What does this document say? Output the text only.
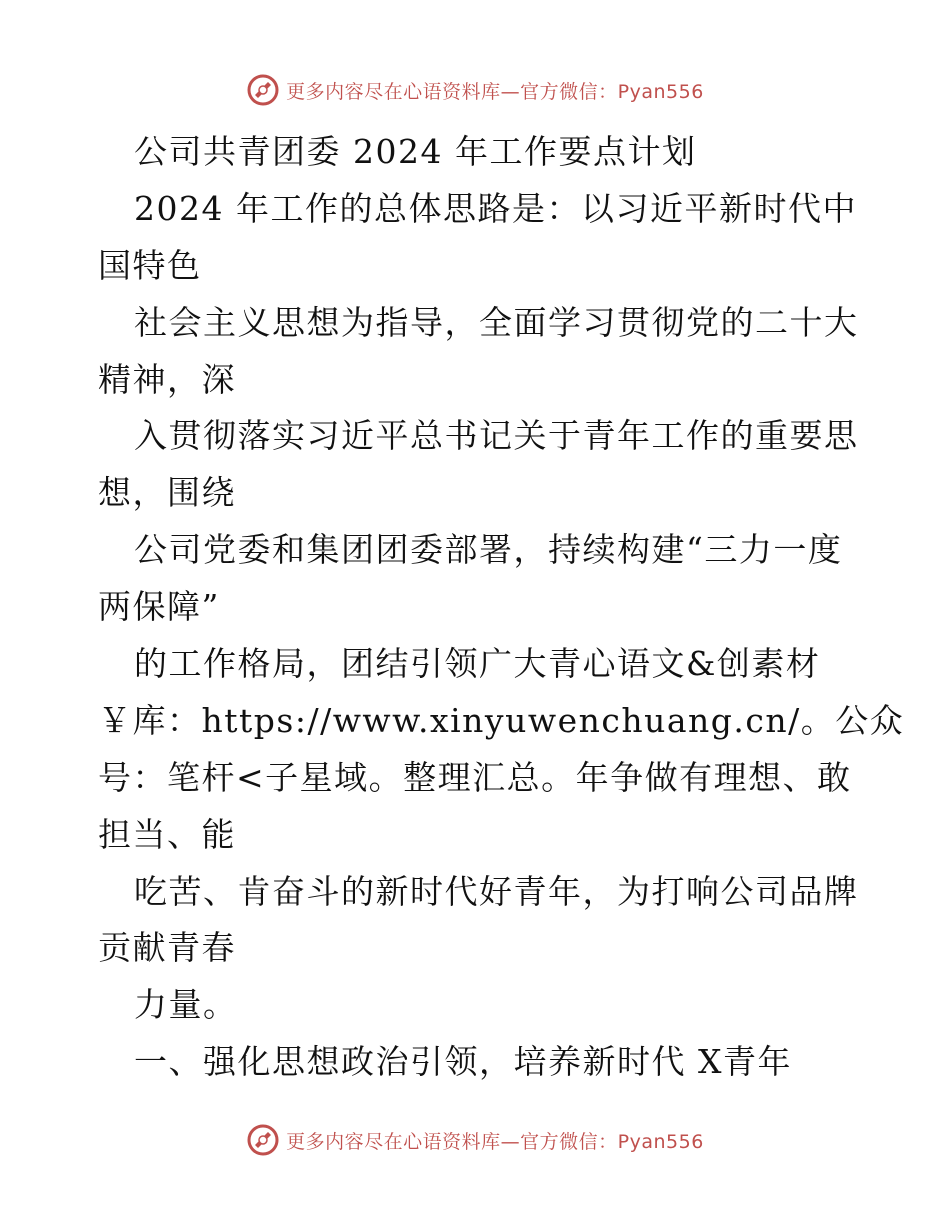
更多内容尽在心语资料库—官方微信：Pyan556
公司共青团委 2024 年工作要点计划
2024 年工作的总体思路是：以习近平新时代中
国特色
社会主义思想为指导，全面学习贯彻党的二十大
精神，深
入贯彻落实习近平总书记关于青年工作的重要思
想，围绕
公司党委和集团团委部署，持续构建“三力一度
两保障”
的工作格局，团结引领广大青心语文&创素材
￥库：https://www.xinyuwenchuang.cn/。公众
号：笔杆<子星域。整理汇总。年争做有理想、敢
担当、能
吃苦、肯奋斗的新时代好青年，为打响公司品牌
贡献青春
力量。
一、强化思想政治引领，培养新时代 X青年
更多内容尽在心语资料库—官方微信：Pyan556
